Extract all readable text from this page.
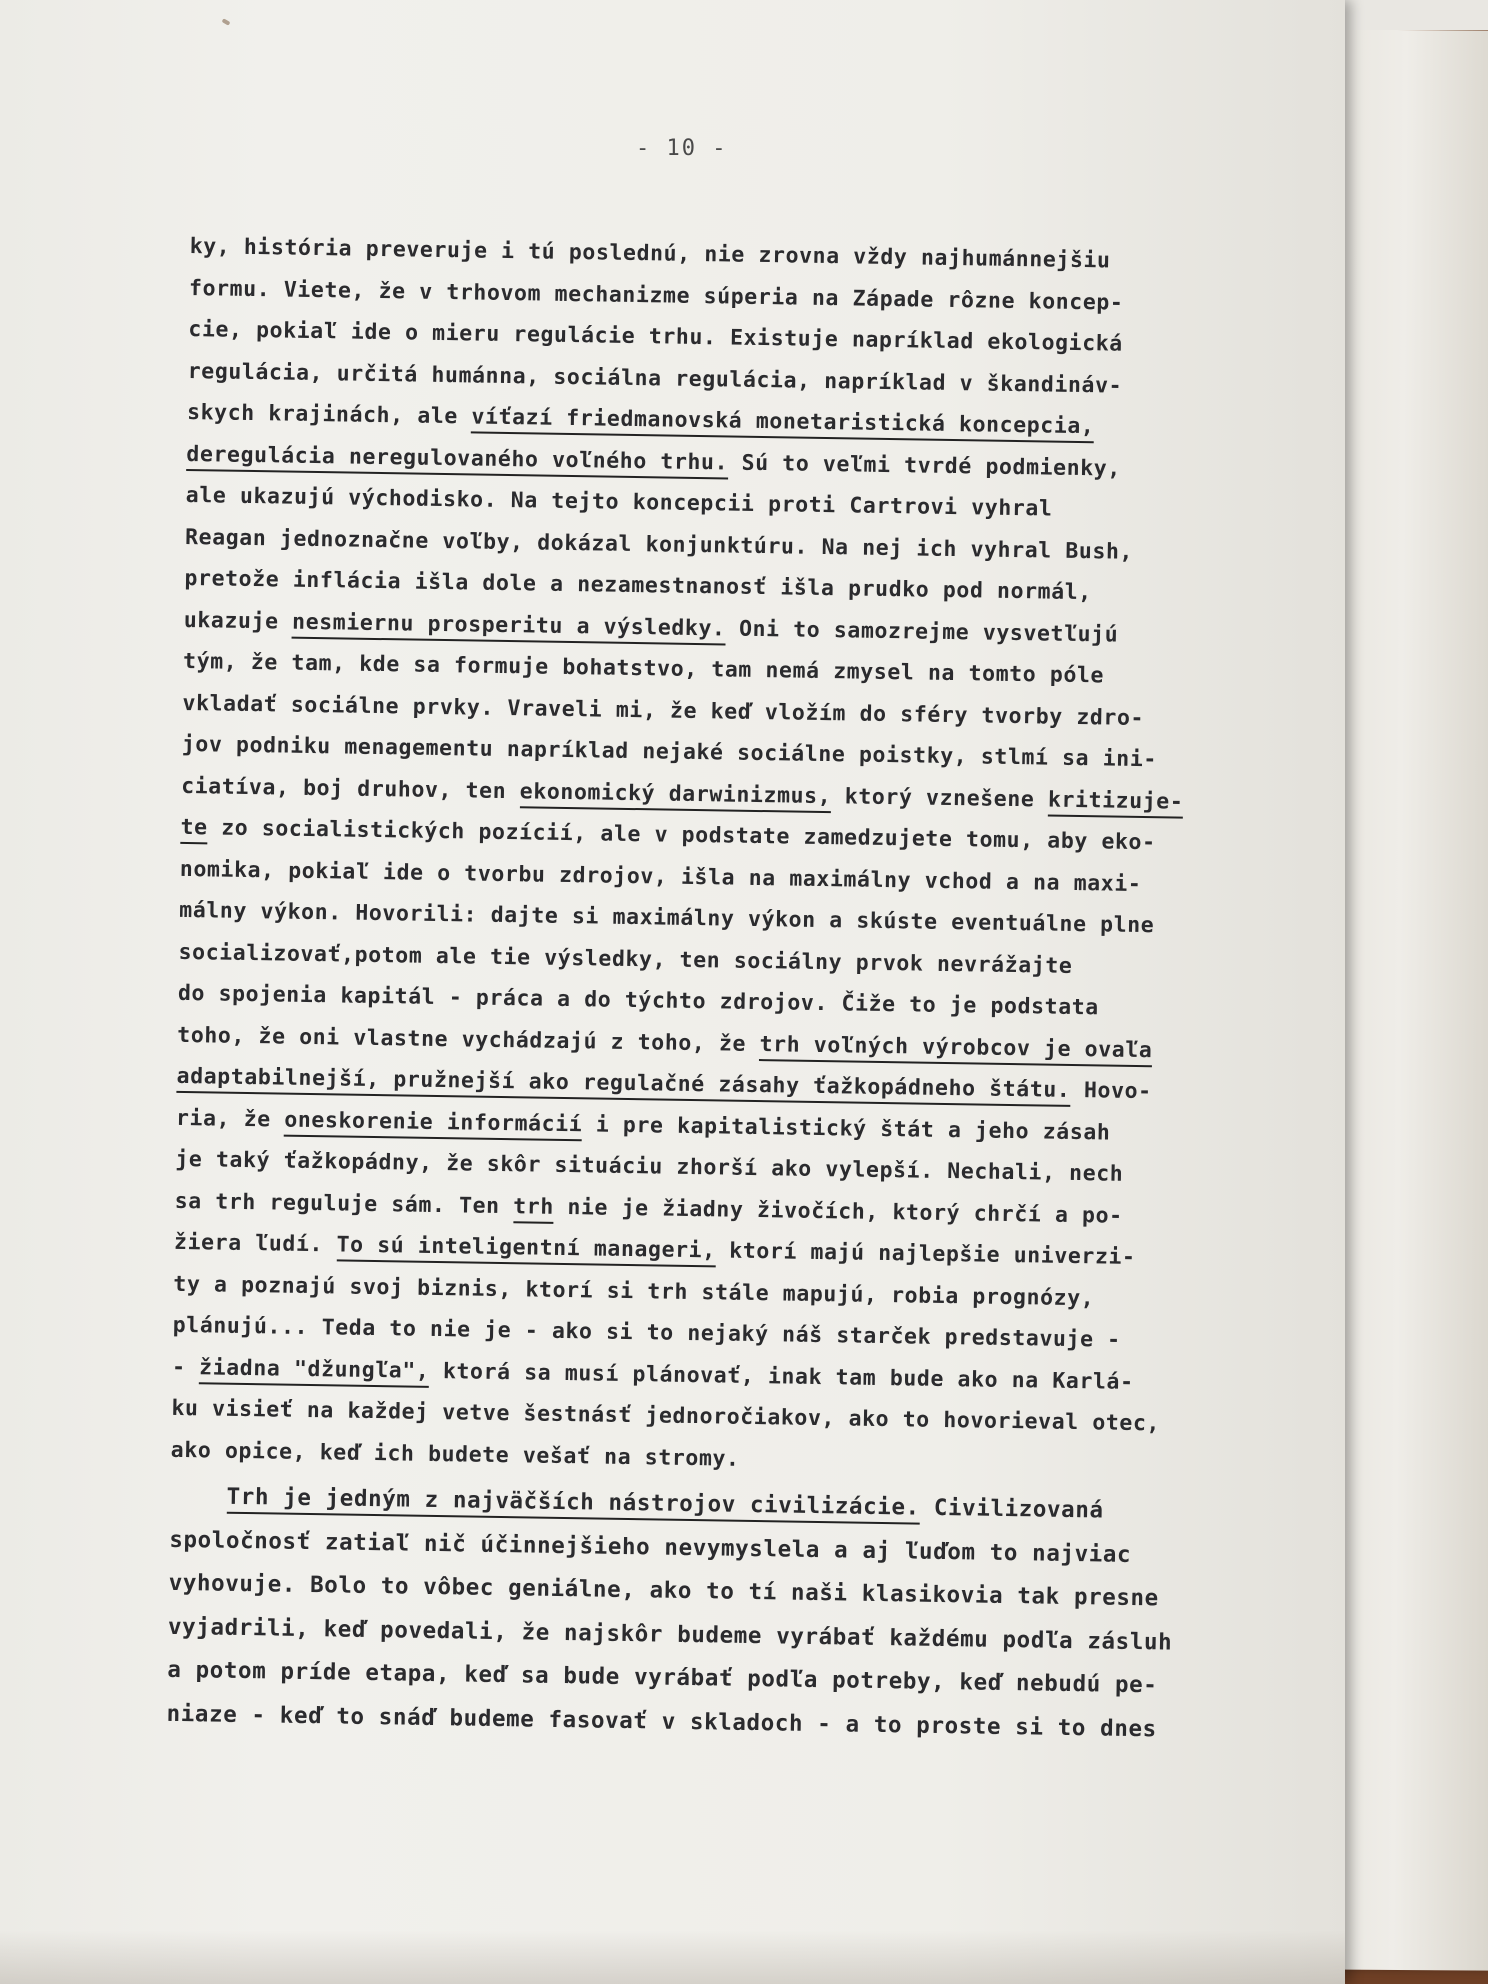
- 10 -
ky, história preveruje i tú poslednú, nie zrovna vždy najhumánnejšiu
formu. Viete, že v trhovom mechanizme súperia na Západe rôzne koncep-
cie, pokiaľ ide o mieru regulácie trhu. Existuje napríklad ekologická
regulácia, určitá humánna, sociálna regulácia, napríklad v škandináv-
skych krajinách, ale víťazí friedmanovská monetaristická koncepcia,
deregulácia neregulovaného voľného trhu. Sú to veľmi tvrdé podmienky,
ale ukazujú východisko. Na tejto koncepcii proti Cartrovi vyhral
Reagan jednoznačne voľby, dokázal konjunktúru. Na nej ich vyhral Bush,
pretože inflácia išla dole a nezamestnanosť išla prudko pod normál,
ukazuje nesmiernu prosperitu a výsledky. Oni to samozrejme vysvetľujú
tým, že tam, kde sa formuje bohatstvo, tam nemá zmysel na tomto póle
vkladať sociálne prvky. Vraveli mi, že keď vložím do sféry tvorby zdro-
jov podniku menagementu napríklad nejaké sociálne poistky, stlmí sa ini-
ciatíva, boj druhov, ten ekonomický darwinizmus, ktorý vznešene kritizuje-
te zo socialistických pozícií, ale v podstate zamedzujete tomu, aby eko-
nomika, pokiaľ ide o tvorbu zdrojov, išla na maximálny vchod a na maxi-
málny výkon. Hovorili: dajte si maximálny výkon a skúste eventuálne plne
socializovať,potom ale tie výsledky, ten sociálny prvok nevrážajte
do spojenia kapitál - práca a do týchto zdrojov. Čiže to je podstata
toho, že oni vlastne vychádzajú z toho, že trh voľných výrobcov je ovaľa
adaptabilnejší, pružnejší ako regulačné zásahy ťažkopádneho štátu. Hovo-
ria, že oneskorenie informácií i pre kapitalistický štát a jeho zásah
je taký ťažkopádny, že skôr situáciu zhorší ako vylepší. Nechali, nech
sa trh reguluje sám. Ten trh nie je žiadny živočích, ktorý chrčí a po-
žiera ľudí. To sú inteligentní manageri, ktorí majú najlepšie univerzi-
ty a poznajú svoj biznis, ktorí si trh stále mapujú, robia prognózy,
plánujú... Teda to nie je - ako si to nejaký náš starček predstavuje -
- žiadna "džungľa", ktorá sa musí plánovať, inak tam bude ako na Karlá-
ku visieť na každej vetve šestnásť jednoročiakov, ako to hovorieval otec,
ako opice, keď ich budete vešať na stromy.
Trh je jedným z najväčších nástrojov civilizácie. Civilizovaná
spoločnosť zatiaľ nič účinnejšieho nevymyslela a aj ľuďom to najviac
vyhovuje. Bolo to vôbec geniálne, ako to tí naši klasikovia tak presne
vyjadrili, keď povedali, že najskôr budeme vyrábať každému podľa zásluh
a potom príde etapa, keď sa bude vyrábať podľa potreby, keď nebudú pe-
niaze - keď to snáď budeme fasovať v skladoch - a to proste si to dnes
